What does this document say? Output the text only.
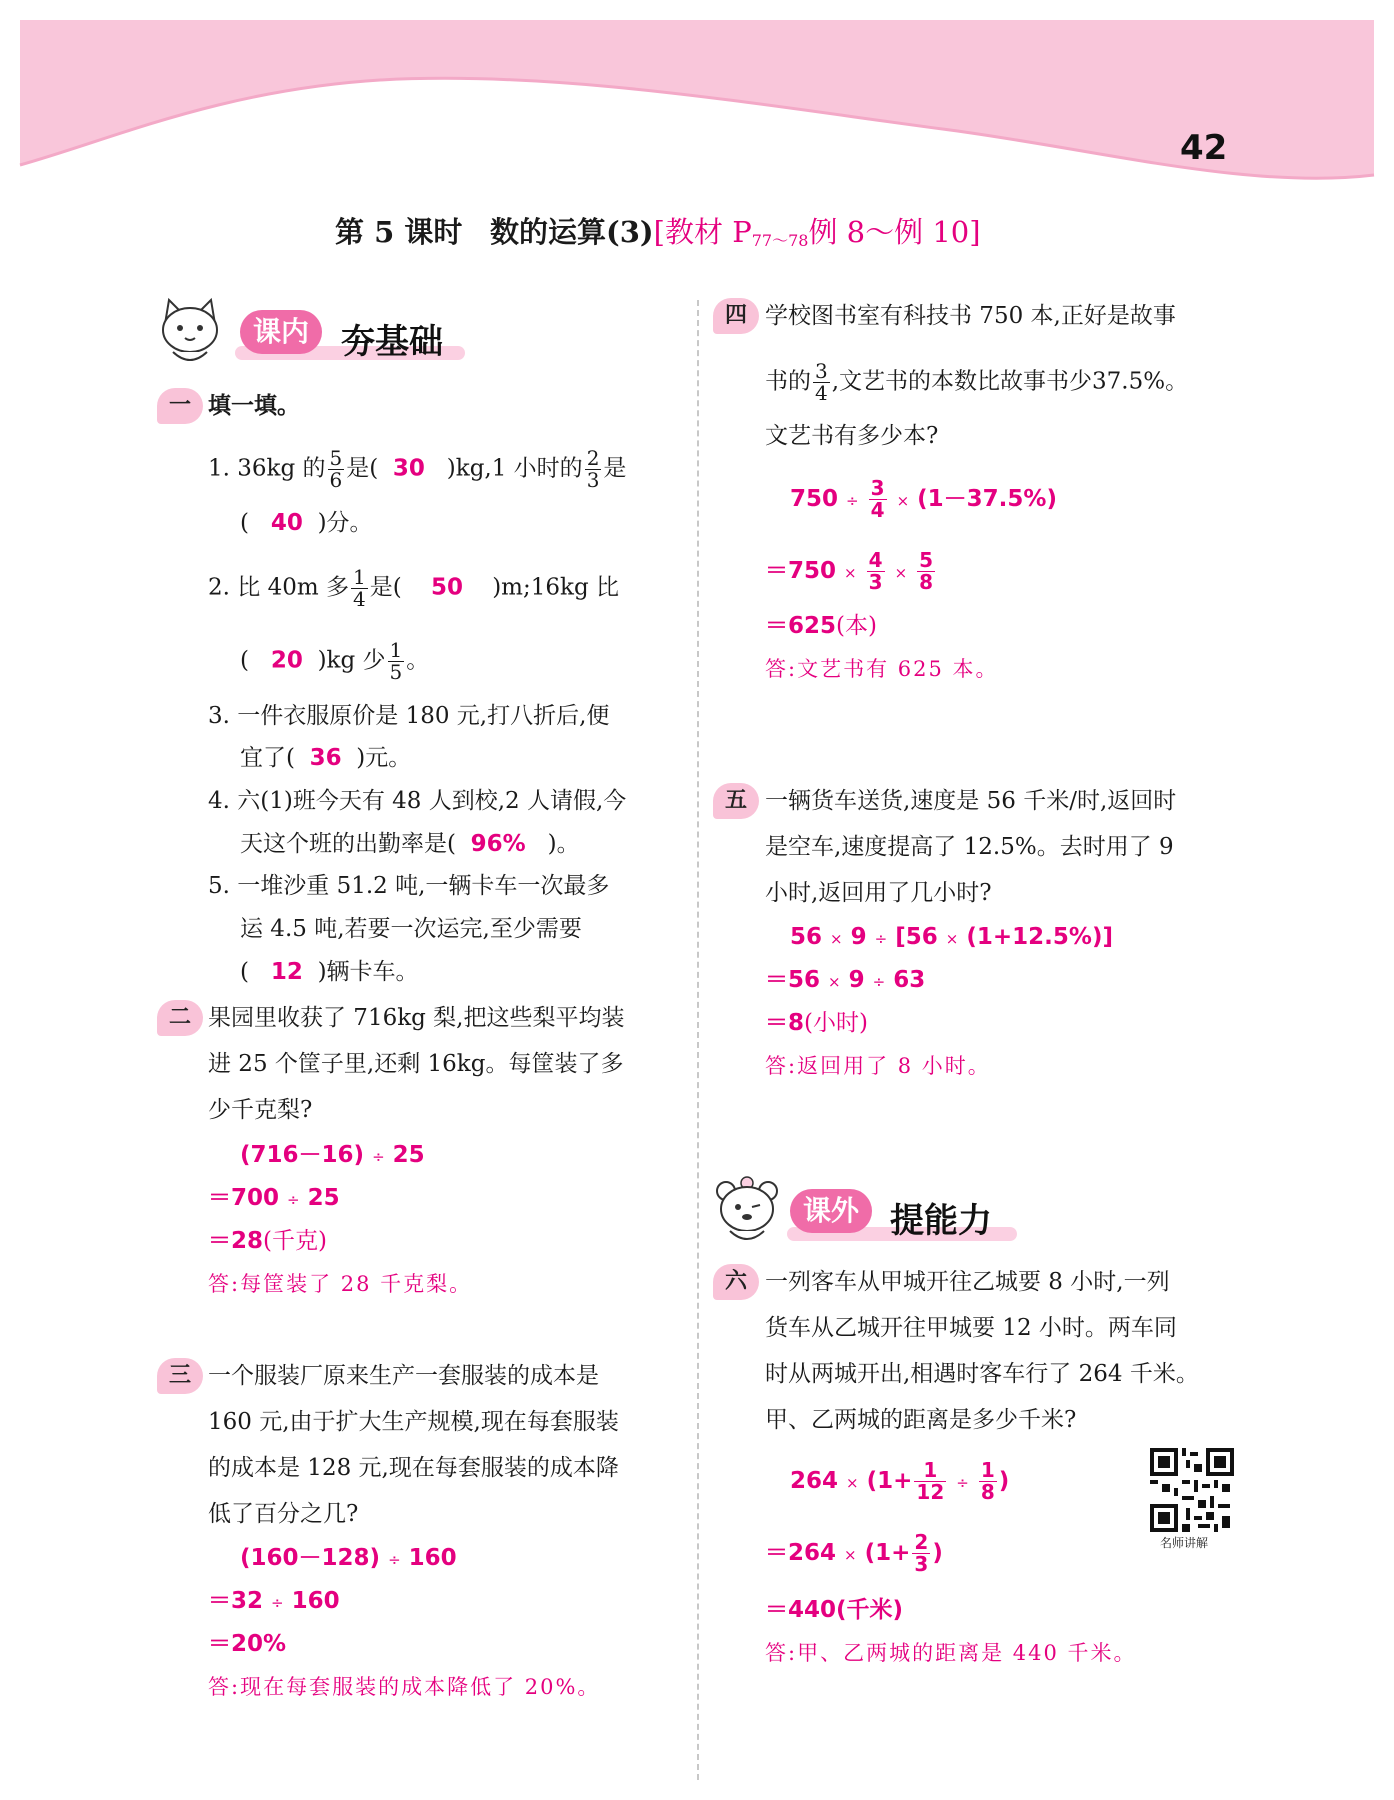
42
第 5 课时 数的运算(3)[教材 $P_{77\sim 78}$例 8～例 10]
课内 夯基础
一 填一填。
1. 36kg 的 $\frac{5}{6}$ 是( 30 )kg,1 小时的 $\frac{2}{3}$ 是
( 40 )分。
2. 比 40m 多 $\frac{1}{4}$ 是( 50 )m;16kg 比
( 20 )kg 少 $\frac{1}{5}$ 。
3. 一件衣服原价是 180 元,打八折后,便
宜了( 36 )元。
4. 六(1)班今天有 48 人到校,2 人请假,今
天这个班的出勤率是( 96% )。
5. 一堆沙重 51.2 吨,一辆卡车一次最多
运 4.5 吨,若要一次运完,至少需要
( 12 )辆卡车。
二 果园里收获了 716kg 梨,把这些梨平均装
进 25 个筐子里,还剩 16kg。每筐装了多
少千克梨?
(716－16) ÷ 25
＝700 ÷ 25
＝28(千克)
答:每筐装了 28 千克梨。
三 一个服装厂原来生产一套服装的成本是
160 元,由于扩大生产规模,现在每套服装
的成本是 128 元,现在每套服装的成本降
低了百分之几?
(160－128) ÷ 160
＝32 ÷ 160
＝20%
答:现在每套服装的成本降低了 20%。
四 学校图书室有科技书 750 本,正好是故事
书的 $\frac{3}{4}$ ,文艺书的本数比故事书少37.5%。
文艺书有多少本?
$750 \div \frac{3}{4} \times (1-37.5\%)$
$=750 \times \frac{4}{3} \times \frac{5}{8}$
＝625(本)
答:文艺书有 625 本。
五 一辆货车送货,速度是 56 千米/时,返回时
是空车,速度提高了 12.5%。去时用了 9
小时,返回用了几小时?
56 × 9 ÷ [56 × (1+12.5%)]
＝56 × 9 ÷ 63
＝8(小时)
答:返回用了 8 小时。
课外 提能力
六 一列客车从甲城开往乙城要 8 小时,一列
货车从乙城开往甲城要 12 小时。两车同
时从两城开出,相遇时客车行了 264 千米。
甲、乙两城的距离是多少千米?
$264 \times (1+ \frac{1}{12} \div \frac{1}{8}$ )
$=264 \times (1+ \frac{2}{3}$ )
＝440(千米)
答:甲、乙两城的距离是 440 千米。
名师讲解
